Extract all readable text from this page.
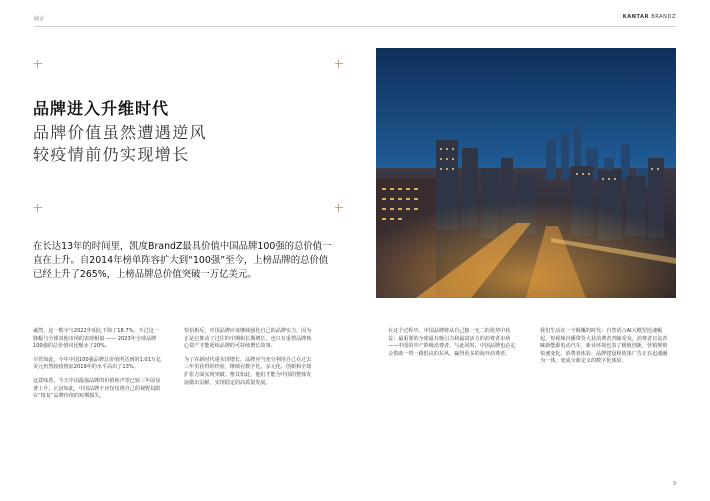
前言	KANTAR BRANDZ
品牌进入升维时代
品牌价值虽然遭遇逆风
较疫情前仍实现增长
在长达13年的时间里，凯度BrandZ最具价值中国品牌100强的总价值一直在上升。自2014年榜单阵容扩大到“100强”至今，上榜品牌的总价值已经上升了265%，上榜品牌总价值突破一万亿美元。

诚然，这一数字与2022年相比下降了18.7%。不过这一降幅与全球其他市场的表现相似 —— 2023年全球品牌100强的总价值同比缩水了20%。

尽管如此，今年中国100强品牌总价值所达到的1.01万亿美元仍然较疫情前2019年的水平高出了13%。

这意味着，今天中国最强品牌的价值和声望已较三年前显著上升。正因如此，中国品牌不应仅仅将自己的视野局限在“恢复”品牌价值的短期损失。

恰恰相反，中国品牌应该继续强化自己的品牌实力，因为正是它推动了过往的中期和长期增长，也只有重塑品牌核心资产才能延续品牌的可持续增长故事。

为了在新时代重实现增长，品牌应当充分利用自己在过去三年里获得的经验，继续在数字化、多元化、创新和全球扩张方面实现突破。惟其如此，他们才能为中国的整体发展做出贡献，实现稳定的高质量发展。

在这个过程中，中国品牌将从自己独一无二的优势中获益：最重要的全球最有吸引力和最富活力的消费者市场——中国的中产阶级消费者。与此同时，中国品牌也必定会借助一带一路倡议的东风，赢得更多的海外消费者。

我们生活在一个颠覆的时代：自然语言AI大模型迅速崛起，短视频直播带货大获消费者青睐受众，消费者日益青睐新能源电动汽车，新业环境也表了极致创新，营销规则快速变化，消费者体验、品牌建设和效果广告正在迅速融为一体，变成全新定义的数字化体验。

9
